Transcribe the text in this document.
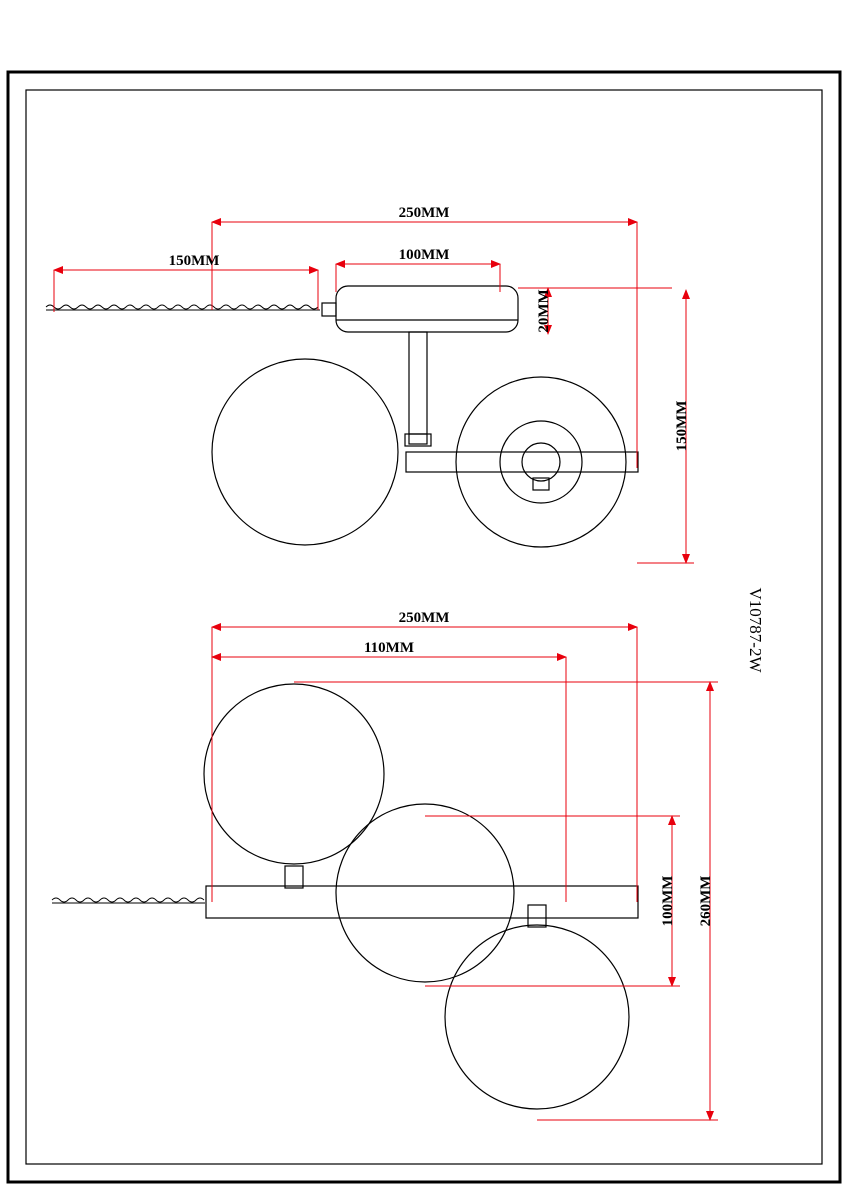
250MM
150MM	100MM
20MM
150MM
250MM
110MM
100MM 260MM
V10787-2W
